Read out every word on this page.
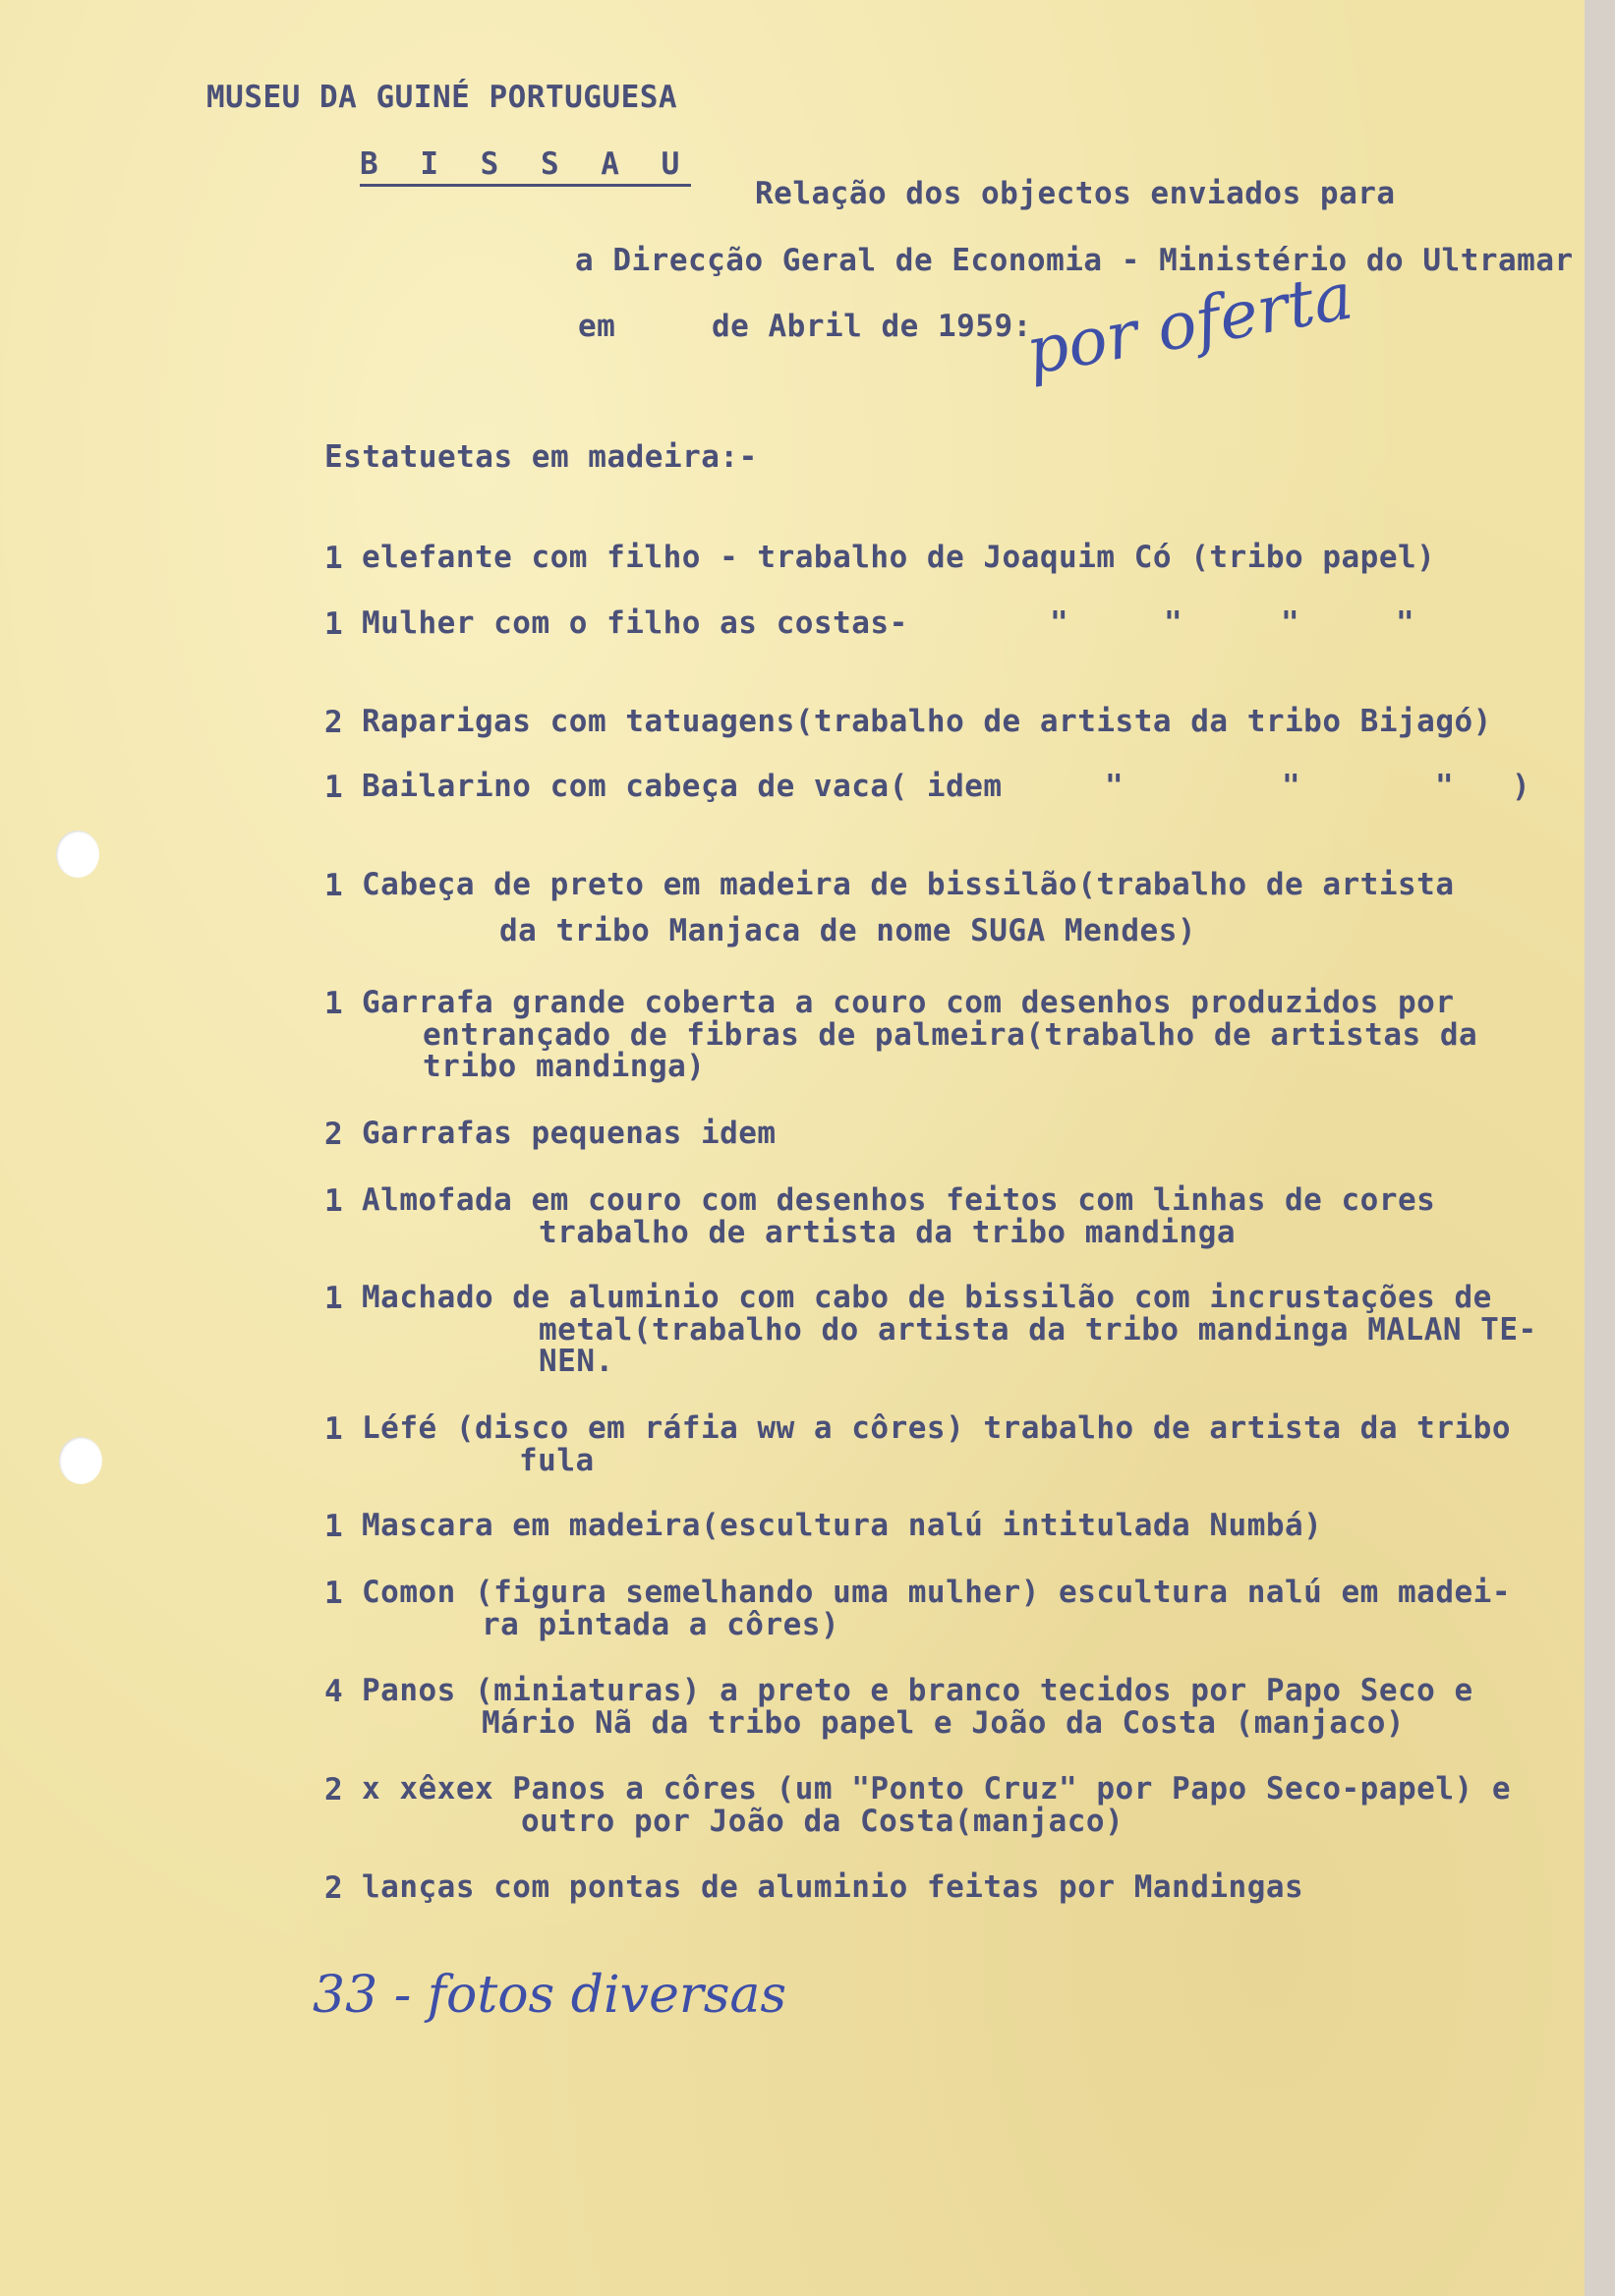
MUSEU DA GUINÉ PORTUGUESA
B I S S A U
Relação dos objectos enviados para
a Direcção Geral de Economia - Ministério do Ultramar
em	de Abril de 1959:
por oferta
Estatuetas em madeira:-
1 elefante com filho - trabalho de Joaquim Có (tribo papel)
1 Mulher com o filho as costas-	"	"	"	"
2 Raparigas com tatuagens(trabalho de artista da tribo Bijagó)
1 Bailarino com cabeça de vaca( idem	"	"	" )
1 Cabeça de preto em madeira de bissilão(trabalho de artista
da tribo Manjaca de nome SUGA Mendes)
1 Garrafa grande coberta a couro com desenhos produzidos por
entrançado de fibras de palmeira(trabalho de artistas da
tribo mandinga)
2 Garrafas pequenas idem
1 Almofada em couro com desenhos feitos com linhas de cores
trabalho de artista da tribo mandinga
1 Machado de aluminio com cabo de bissilão com incrustações de
metal(trabalho do artista da tribo mandinga MALAN TE-
NEN.
1 Léfé (disco em ráfia ww a côres) trabalho de artista da tribo
fula
1 Mascara em madeira(escultura nalú intitulada Numbá)
1 Comon (figura semelhando uma mulher) escultura nalú em madei-
ra pintada a côres)
4 Panos (miniaturas) a preto e branco tecidos por Papo Seco e
Mário Nã da tribo papel e João da Costa (manjaco)
2 x xêxex Panos a côres (um "Ponto Cruz" por Papo Seco-papel) e
outro por João da Costa(manjaco)
2 lanças com pontas de aluminio feitas por Mandingas
33 - fotos diversas
